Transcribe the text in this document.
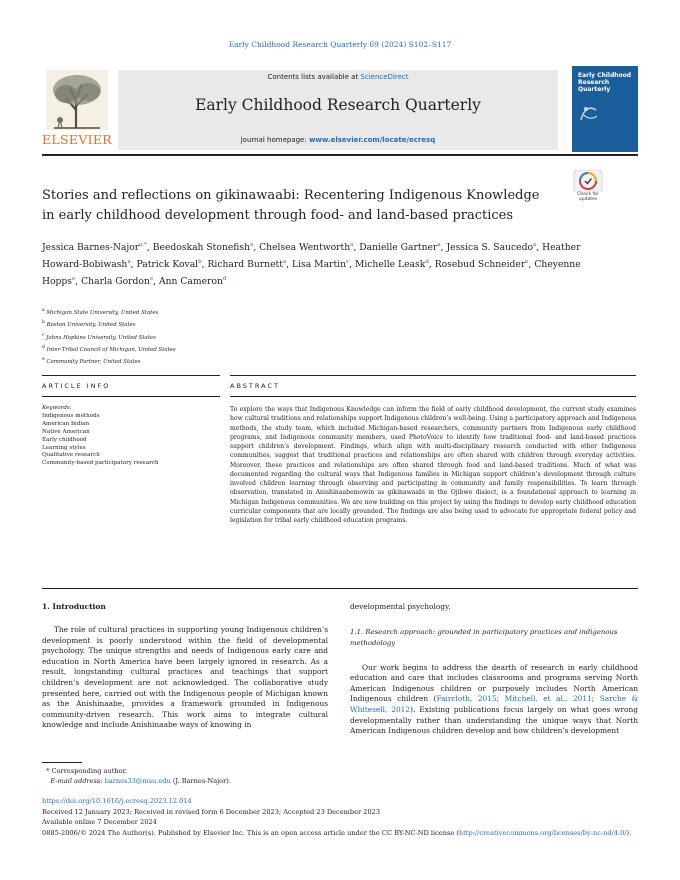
Early Childhood Research Quarterly 69 (2024) S102–S117
ELSEVIER
Contents lists available at ScienceDirect
Early Childhood Research Quarterly
journal homepage: www.elsevier.com/locate/ecresq
Early Childhood Research Quarterly
Stories and reflections on gikinawaabi: Recentering Indigenous Knowledge
in early childhood development through food- and land-based practices
Check for updates
Jessica Barnes-Najor$^{a,*}$, Beedoskah Stonefish$^a$, Chelsea Wentworth$^a$, Danielle Gartner$^a$, Jessica S. Saucedo$^a$, Heather Howard-Bobiwash$^a$, Patrick Koval$^b$, Richard Burnett$^a$, Lisa Martin$^c$, Michelle Leask$^d$, Rosebud Schneider$^e$, Cheyenne Hopps$^e$, Charla Gordon$^e$, Ann Cameron$^d$
$^a$ Michigan State University, United States
$^b$ Boston University, United States
$^c$ Johns Hopkins University, United States
$^d$ Inter-Tribal Council of Michigan, United States
$^e$ Community Partner, United States
ARTICLE INFO	ABSTRACT
Keywords:
Indigenous methods
American Indian
Native American
Early childhood
Learning styles
Qualitative research
Community-based participatory research
To explore the ways that Indigenous Knowledge can inform the field of early childhood development, the current study examines how cultural traditions and relationships support Indigenous children’s well-being. Using a participatory approach and Indigenous methods, the study team, which included Michigan-based researchers, community partners from Indigenous early childhood programs, and Indigenous community members, used PhotoVoice to identify how traditional food- and land-based practices support children’s development. Findings, which align with multi-disciplinary research conducted with other Indigenous communities, suggest that traditional practices and relationships are often shared with children through everyday activities. Moreover, these practices and relationships are often shared through food and land-based traditions. Much of what was documented regarding the cultural ways that Indigenous families in Michigan support children’s development through culture involved children learning through observing and participating in community and family responsibilities. To learn through observation, translated in Anishinaabemowin as gikinawaabi in the Ojibwe dialect, is a foundational approach to learning in Michigan Indigenous communities. We are now building on this project by using the findings to develop early childhood education curricular components that are locally grounded. The findings are also being used to advocate for appropriate federal policy and legislation for tribal early childhood education programs.
1. Introduction
The role of cultural practices in supporting young Indigenous children’s development is poorly understood within the field of developmental psychology. The unique strengths and needs of Indigenous early care and education in North America have been largely ignored in research. As a result, longstanding cultural practices and teachings that support children’s development are not acknowledged. The collaborative study presented here, carried out with the Indigenous people of Michigan known as the Anishinaabe, provides a framework grounded in Indigenous community-driven research. This work aims to integrate cultural knowledge and include Anishinaabe ways of knowing in
developmental psychology.
1.1. Research approach: grounded in participatory practices and indigenous methodology
Our work begins to address the dearth of research in early childhood education and care that includes classrooms and programs serving North American Indigenous children or purposely includes North American Indigenous children (Faircloth, 2015; Mitchell, et al., 2011; Sarche & Whitesell, 2012). Existing publications focus largely on what goes wrong developmentally rather than understanding the unique ways that North American Indigenous children develop and how children’s development
* Corresponding author.
E-mail address: barnes33@msu.edu (J. Barnes-Najor).
https://doi.org/10.1016/j.ecresq.2023.12.014
Received 12 January 2023; Received in revised form 6 December 2023; Accepted 23 December 2023
Available online 7 December 2024
0885-2006/© 2024 The Author(s). Published by Elsevier Inc. This is an open access article under the CC BY-NC-ND license (http://creativecommons.org/licenses/by-nc-nd/4.0/).
